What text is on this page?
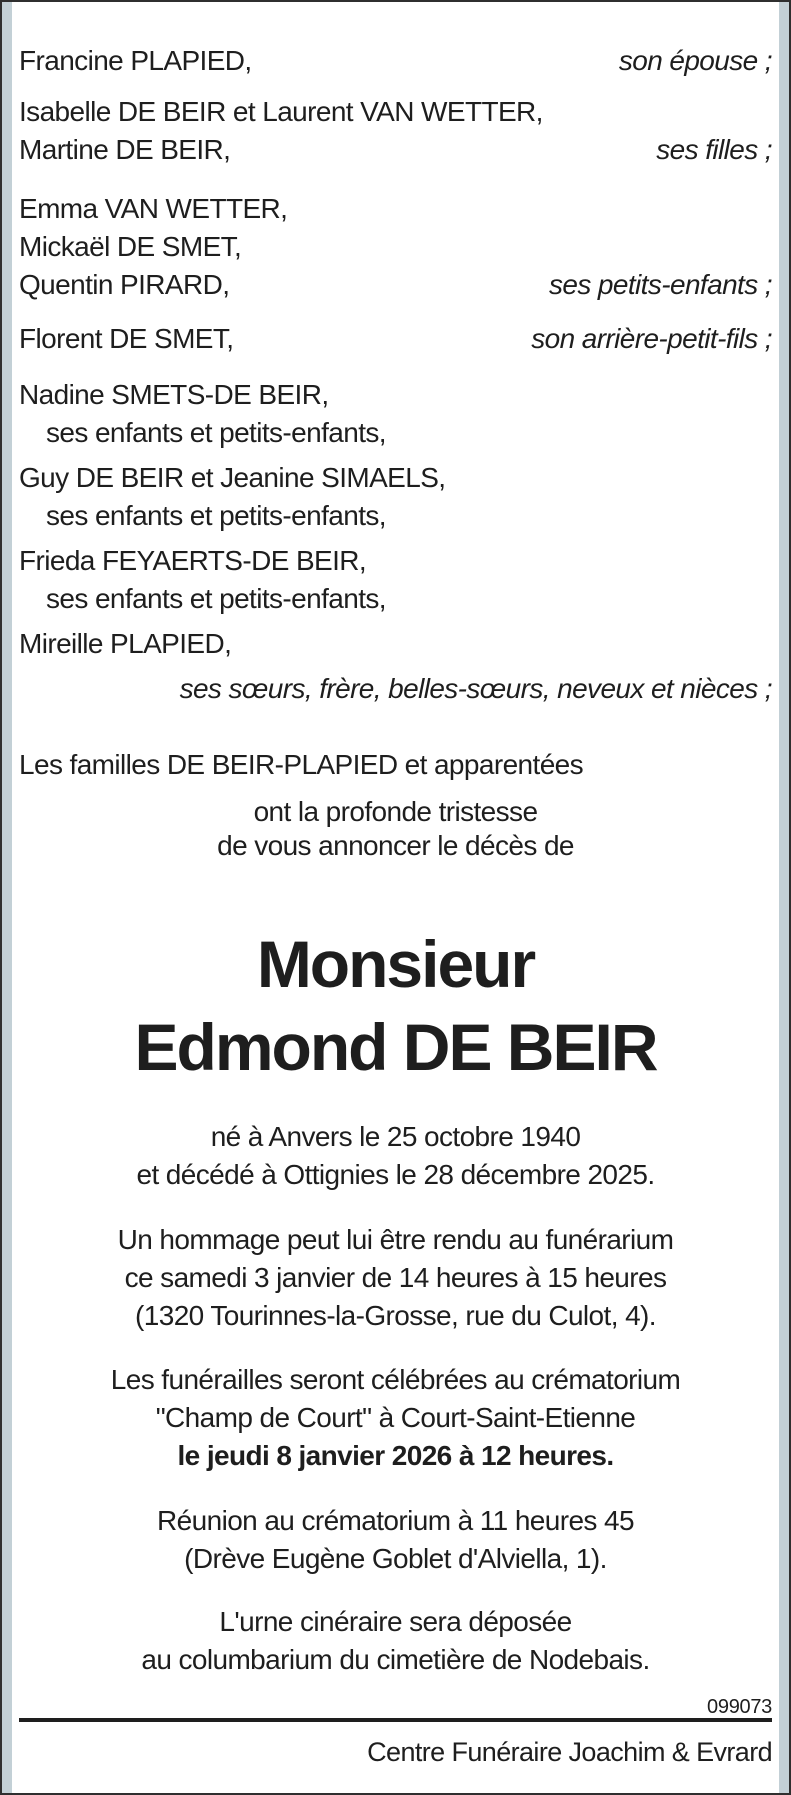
Francine PLAPIED,	son épouse ;
Isabelle DE BEIR et Laurent VAN WETTER,
Martine DE BEIR,	ses filles ;
Emma VAN WETTER,
Mickaël DE SMET,
Quentin PIRARD,	ses petits-enfants ;
Florent DE SMET,	son arrière-petit-fils ;
Nadine SMETS-DE BEIR,
ses enfants et petits-enfants,
Guy DE BEIR et Jeanine SIMAELS,
ses enfants et petits-enfants,
Frieda FEYAERTS-DE BEIR,
ses enfants et petits-enfants,
Mireille PLAPIED,
ses sœurs, frère, belles-sœurs, neveux et nièces ;
Les familles DE BEIR-PLAPIED et apparentées
ont la profonde tristesse
de vous annoncer le décès de
Monsieur
Edmond DE BEIR
né à Anvers le 25 octobre 1940
et décédé à Ottignies le 28 décembre 2025.
Un hommage peut lui être rendu au funérarium
ce samedi 3 janvier de 14 heures à 15 heures
(1320 Tourinnes-la-Grosse, rue du Culot, 4).
Les funérailles seront célébrées au crématorium
"Champ de Court" à Court-Saint-Etienne
le jeudi 8 janvier 2026 à 12 heures.
Réunion au crématorium à 11 heures 45
(Drève Eugène Goblet d'Alviella, 1).
L'urne cinéraire sera déposée
au columbarium du cimetière de Nodebais.
099073
Centre Funéraire Joachim & Evrard
